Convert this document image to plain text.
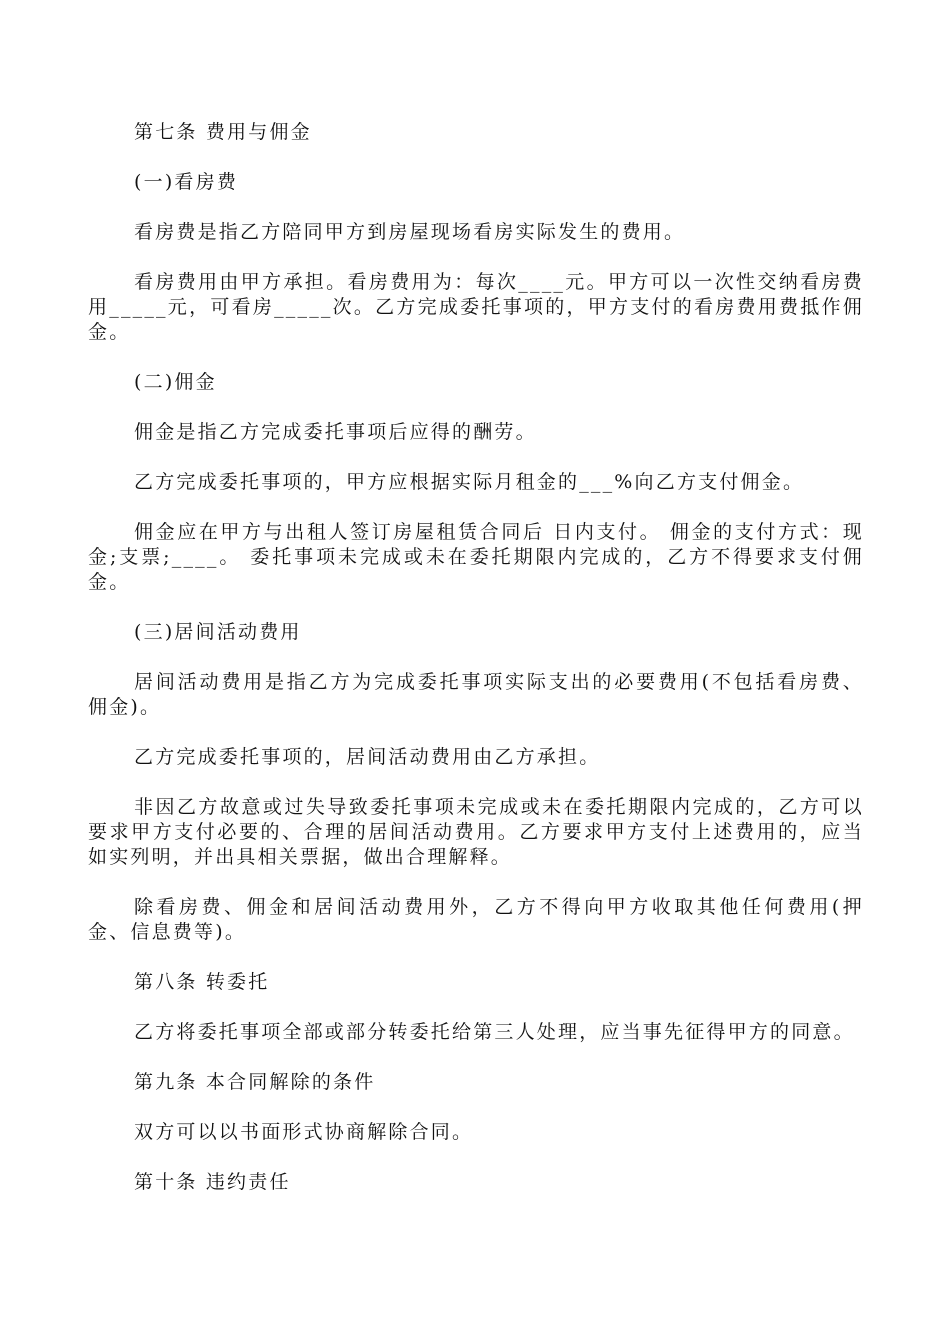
第七条 费用与佣金

(一)看房费

看房费是指乙方陪同甲方到房屋现场看房实际发生的费用。

看房费用由甲方承担。看房费用为：每次____元。甲方可以一次性交纳看房费用_____元，可看房_____次。乙方完成委托事项的，甲方支付的看房费用费抵作佣金。

(二)佣金

佣金是指乙方完成委托事项后应得的酬劳。

乙方完成委托事项的，甲方应根据实际月租金的___%向乙方支付佣金。

佣金应在甲方与出租人签订房屋租赁合同后 日内支付。 佣金的支付方式：现金;支票;____。 委托事项未完成或未在委托期限内完成的，乙方不得要求支付佣金。

(三)居间活动费用

居间活动费用是指乙方为完成委托事项实际支出的必要费用(不包括看房费、佣金)。

乙方完成委托事项的，居间活动费用由乙方承担。

非因乙方故意或过失导致委托事项未完成或未在委托期限内完成的，乙方可以要求甲方支付必要的、合理的居间活动费用。乙方要求甲方支付上述费用的，应当如实列明，并出具相关票据，做出合理解释。

除看房费、佣金和居间活动费用外，乙方不得向甲方收取其他任何费用(押金、信息费等)。

第八条 转委托

乙方将委托事项全部或部分转委托给第三人处理，应当事先征得甲方的同意。

第九条 本合同解除的条件

双方可以以书面形式协商解除合同。

第十条 违约责任
